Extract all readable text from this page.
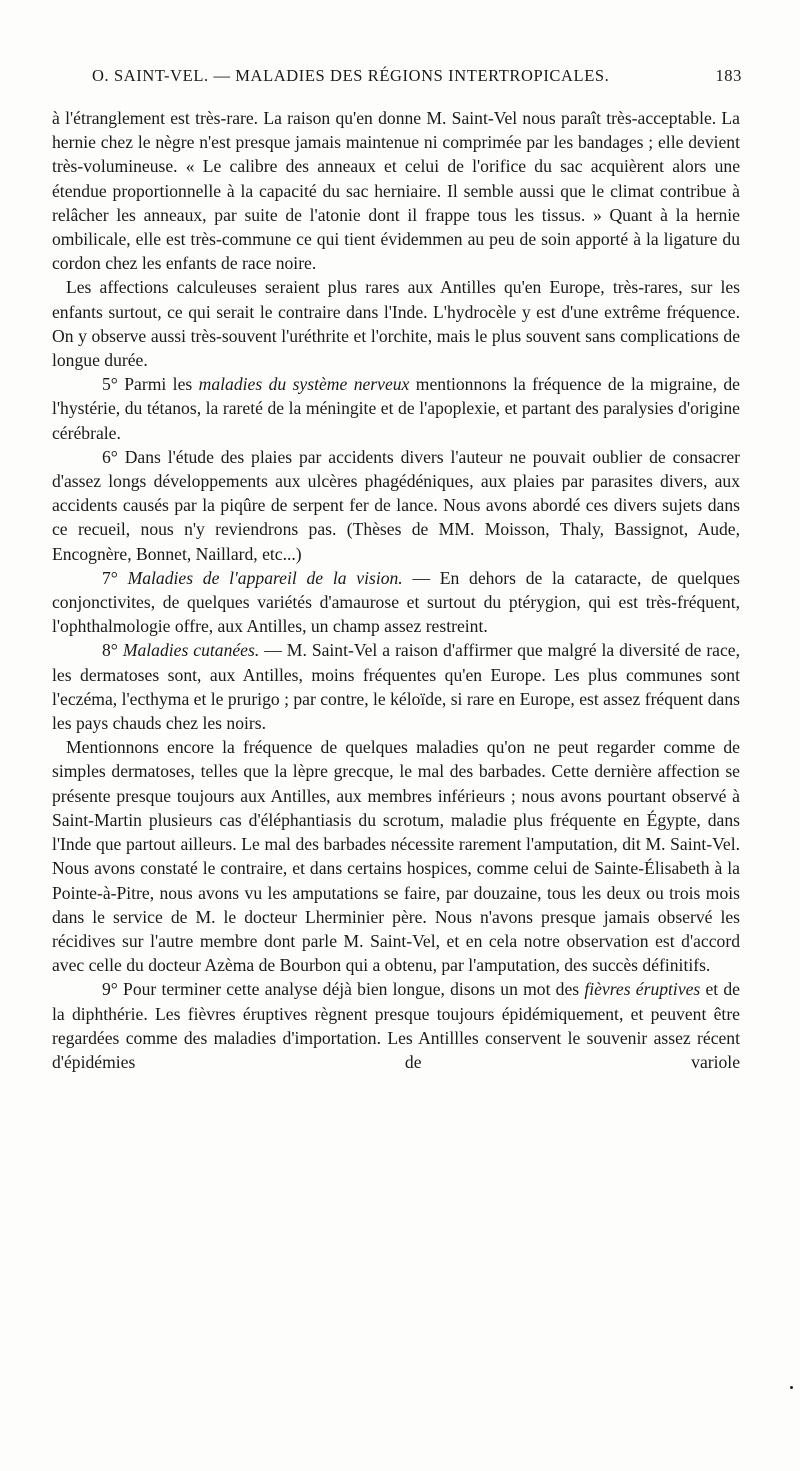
O. SAINT-VEL. — MALADIES DES RÉGIONS INTERTROPICALES.	183

à l'étranglement est très-rare. La raison qu'en donne M. Saint-Vel nous paraît très-acceptable. La hernie chez le nègre n'est presque jamais maintenue ni comprimée par les bandages ; elle devient très-volumineuse. « Le calibre des anneaux et celui de l'orifice du sac acquièrent alors une étendue proportionnelle à la capacité du sac herniaire. Il semble aussi que le climat contribue à relâcher les anneaux, par suite de l'atonie dont il frappe tous les tissus. » Quant à la hernie ombilicale, elle est très-commune ce qui tient évidemmen au peu de soin apporté à la ligature du cordon chez les enfants de race noire.

Les affections calculeuses seraient plus rares aux Antilles qu'en Europe, très-rares, sur les enfants surtout, ce qui serait le contraire dans l'Inde. L'hydrocèle y est d'une extrême fréquence. On y observe aussi très-souvent l'uréthrite et l'orchite, mais le plus souvent sans complications de longue durée.

5° Parmi les maladies du système nerveux mentionnons la fréquence de la migraine, de l'hystérie, du tétanos, la rareté de la méningite et de l'apoplexie, et partant des paralysies d'origine cérébrale.

6° Dans l'étude des plaies par accidents divers l'auteur ne pouvait oublier de consacrer d'assez longs développements aux ulcères phagédéniques, aux plaies par parasites divers, aux accidents causés par la piqûre de serpent fer de lance. Nous avons abordé ces divers sujets dans ce recueil, nous n'y reviendrons pas. (Thèses de MM. Moisson, Thaly, Bassignot, Aude, Encognère, Bonnet, Naillard, etc...)

7° Maladies de l'appareil de la vision. — En dehors de la cataracte, de quelques conjonctivites, de quelques variétés d'amaurose et surtout du ptérygion, qui est très-fréquent, l'ophthalmologie offre, aux Antilles, un champ assez restreint.

8° Maladies cutanées. — M. Saint-Vel a raison d'affirmer que malgré la diversité de race, les dermatoses sont, aux Antilles, moins fréquentes qu'en Europe. Les plus communes sont l'eczéma, l'ecthyma et le prurigo ; par contre, le kéloïde, si rare en Europe, est assez fréquent dans les pays chauds chez les noirs.

Mentionnons encore la fréquence de quelques maladies qu'on ne peut regarder comme de simples dermatoses, telles que la lèpre grecque, le mal des barbades. Cette dernière affection se présente presque toujours aux Antilles, aux membres inférieurs ; nous avons pourtant observé à Saint-Martin plusieurs cas d'éléphantiasis du scrotum, maladie plus fréquente en Égypte, dans l'Inde que partout ailleurs. Le mal des barbades nécessite rarement l'amputation, dit M. Saint-Vel. Nous avons constaté le contraire, et dans certains hospices, comme celui de Sainte-Élisabeth à la Pointe-à-Pitre, nous avons vu les amputations se faire, par douzaine, tous les deux ou trois mois dans le service de M. le docteur Lherminier père. Nous n'avons presque jamais observé les récidives sur l'autre membre dont parle M. Saint-Vel, et en cela notre observation est d'accord avec celle du docteur Azèma de Bourbon qui a obtenu, par l'amputation, des succès définitifs.

9° Pour terminer cette analyse déjà bien longue, disons un mot des fièvres éruptives et de la diphthérie. Les fièvres éruptives règnent presque toujours épidémiquement, et peuvent être regardées comme des maladies d'importation. Les Antillles conservent le souvenir assez récent d'épidémies de variole
